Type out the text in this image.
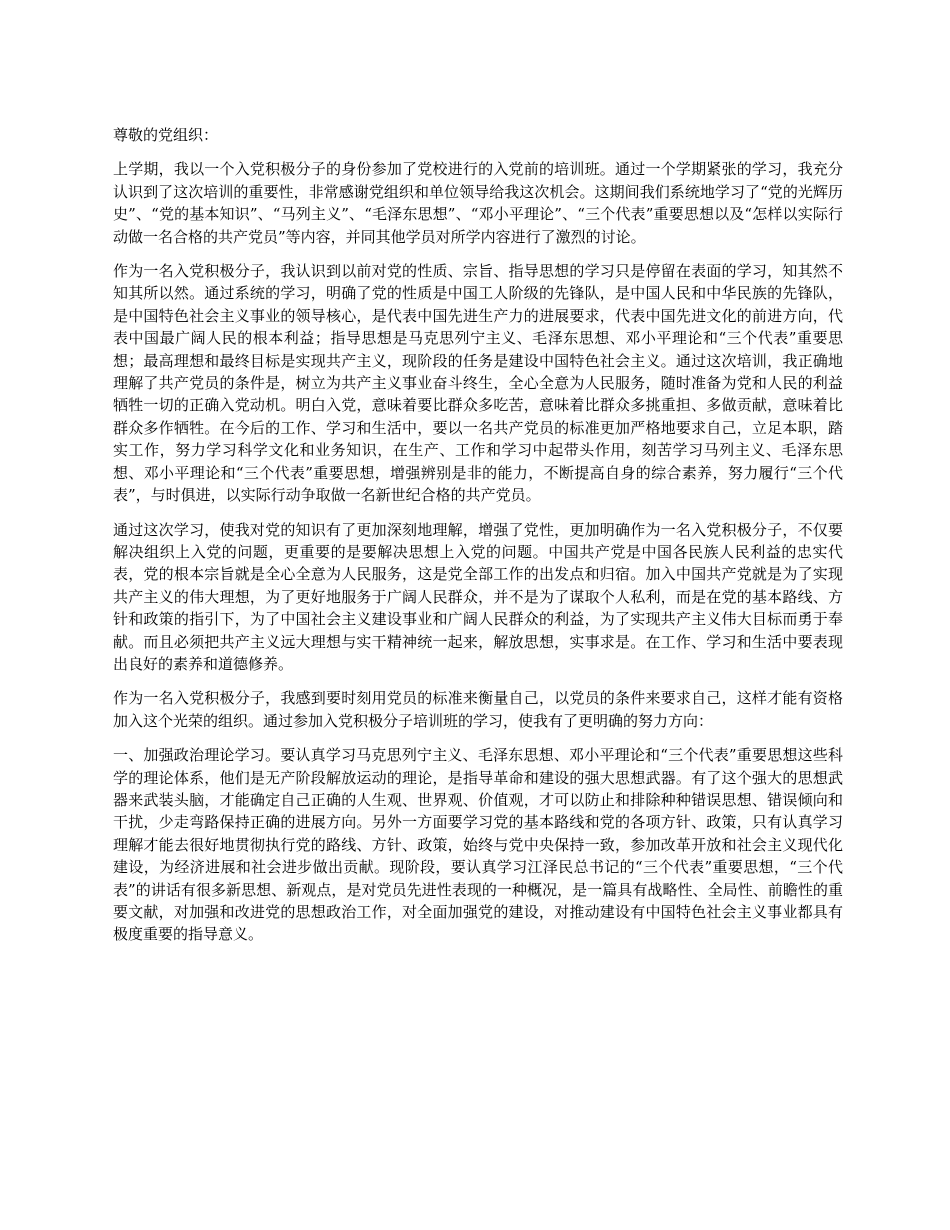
尊敬的党组织：

上学期，我以一个入党积极分子的身份参加了党校进行的入党前的培训班。通过一个学期紧张的学习，我充分认识到了这次培训的重要性，非常感谢党组织和单位领导给我这次机会。这期间我们系统地学习了“党的光辉历史”、“党的基本知识”、“马列主义”、“毛泽东思想”、“邓小平理论”、“三个代表”重要思想以及“怎样以实际行动做一名合格的共产党员”等内容，并同其他学员对所学内容进行了激烈的讨论。

作为一名入党积极分子，我认识到以前对党的性质、宗旨、指导思想的学习只是停留在表面的学习，知其然不知其所以然。通过系统的学习，明确了党的性质是中国工人阶级的先锋队，是中国人民和中华民族的先锋队，是中国特色社会主义事业的领导核心，是代表中国先进生产力的进展要求，代表中国先进文化的前进方向，代表中国最广阔人民的根本利益；指导思想是马克思列宁主义、毛泽东思想、邓小平理论和“三个代表”重要思想；最高理想和最终目标是实现共产主义，现阶段的任务是建设中国特色社会主义。通过这次培训，我正确地理解了共产党员的条件是，树立为共产主义事业奋斗终生，全心全意为人民服务，随时准备为党和人民的利益牺牲一切的正确入党动机。明白入党，意味着要比群众多吃苦，意味着比群众多挑重担、多做贡献，意味着比群众多作牺牲。在今后的工作、学习和生活中，要以一名共产党员的标准更加严格地要求自己，立足本职，踏实工作，努力学习科学文化和业务知识，在生产、工作和学习中起带头作用，刻苦学习马列主义、毛泽东思想、邓小平理论和“三个代表”重要思想，增强辨别是非的能力，不断提高自身的综合素养，努力履行“三个代表”，与时俱进，以实际行动争取做一名新世纪合格的共产党员。

通过这次学习，使我对党的知识有了更加深刻地理解，增强了党性，更加明确作为一名入党积极分子，不仅要解决组织上入党的问题，更重要的是要解决思想上入党的问题。中国共产党是中国各民族人民利益的忠实代表，党的根本宗旨就是全心全意为人民服务，这是党全部工作的出发点和归宿。加入中国共产党就是为了实现共产主义的伟大理想，为了更好地服务于广阔人民群众，并不是为了谋取个人私利，而是在党的基本路线、方针和政策的指引下，为了中国社会主义建设事业和广阔人民群众的利益，为了实现共产主义伟大目标而勇于奉献。而且必须把共产主义远大理想与实干精神统一起来，解放思想，实事求是。在工作、学习和生活中要表现出良好的素养和道德修养。

作为一名入党积极分子，我感到要时刻用党员的标准来衡量自己，以党员的条件来要求自己，这样才能有资格加入这个光荣的组织。通过参加入党积极分子培训班的学习，使我有了更明确的努力方向：

一、加强政治理论学习。要认真学习马克思列宁主义、毛泽东思想、邓小平理论和“三个代表”重要思想这些科学的理论体系，他们是无产阶段解放运动的理论，是指导革命和建设的强大思想武器。有了这个强大的思想武器来武装头脑，才能确定自己正确的人生观、世界观、价值观，才可以防止和排除种种错误思想、错误倾向和干扰，少走弯路保持正确的进展方向。另外一方面要学习党的基本路线和党的各项方针、政策，只有认真学习理解才能去很好地贯彻执行党的路线、方针、政策，始终与党中央保持一致，参加改革开放和社会主义现代化建设，为经济进展和社会进步做出贡献。现阶段，要认真学习江泽民总书记的“三个代表”重要思想，“三个代表”的讲话有很多新思想、新观点，是对党员先进性表现的一种概况，是一篇具有战略性、全局性、前瞻性的重要文献，对加强和改进党的思想政治工作，对全面加强党的建设，对推动建设有中国特色社会主义事业都具有极度重要的指导意义。
